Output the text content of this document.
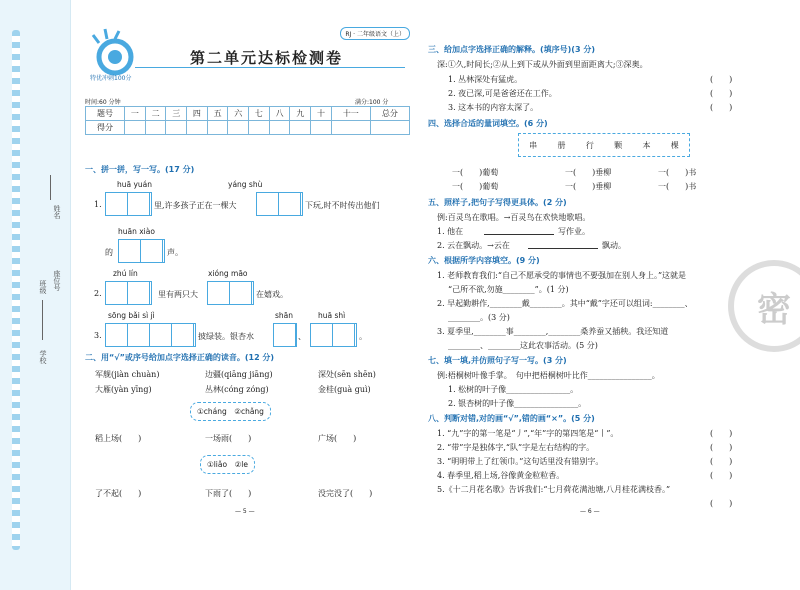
姓名
班级 座位号
学校
RJ · 二年级语文（上）
第二单元达标检测卷
特优冲刺100分
时间:60 分钟	满分:100 分
题号	一	二	三	四	五	六	七	八	九	十	十一	总分
得分												
一、拼一拼，写一写。(17 分)
huā yuán	yáng shù
1.	里,许多孩子正在一棵大	下玩,时不时传出他们
huān xiào
的	声。
zhú lín	xióng māo
2.	里有两只大	在嬉戏。
sōng bǎi sì jì	shān	huā shì
3.	披绿装。银杏水	、	。
二、用“√”或序号给加点字选择正确的读音。(12 分)
军舰(jiàn chuàn)	边疆(qiāng jiāng)	深处(sēn shēn)
大雁(yàn yīng)	丛林(cóng zóng)	金桂(guà guì)
①cháng　 ②chǎng
稻上场(　　)	一场雨(　　)	广场(　　)
①liǎo　 ②le
了不起(　　)	下雨了(　　)	没完没了(　　)
— 5 —
三、给加点字选择正确的解释。(填序号)(3 分)
深:①久,时间长;②从上到下或从外面到里面距离大;③深奥。
1. 丛林深处有猛虎。	(　　)
2. 夜已深,可是爸爸还在工作。	(　　)
3. 这本书的内容太深了。	(　　)
四、选择合适的量词填空。(6 分)
串	册	行	颗	本	棵
一(　　)葡萄	一(　　)垂柳	一(　　)书
一(　　)葡萄	一(　　)垂柳	一(　　)书
五、照样子,把句子写得更具体。(2 分)
例:百灵鸟在歌唱。→百灵鸟在欢快地歌唱。
1. 他在	写作业。
2. 云在飘动。→云在	飘动。
六、根据所学内容填空。(9 分)
1. 老师教育我们:“自己不愿承受的事情也不要强加在别人身上。”这就是
“己所不欲,勿施________”。(1 分)
2. 早起勤耕作,________戴________。其中“戴”字还可以组词:________、
________。(3 分)
3. 夏季里,________事________,________桑养蚕又插秧。我还知道
________、________这此农事活动。(5 分)
七、填一填,并仿照句子写一写。(3 分)
例:梧桐树叶像手掌。　句中把梧桐树叶比作________________。
1. 松树的叶子像________________。
2. 银杏树的叶子像________________。
八、判断对错,对的画“√”,错的画“×”。(5 分)
1. “九”字的第一笔是“丿”,“年”字的第四笔是“丨”。	(　　)
2. “带”字是独体字,“队”字是左右结构的字。	(　　)
3. “明明带上了红领巾。”这句话里没有错别字。	(　　)
4. 春季里,稻上场,谷像黄金粒粒香。	(　　)
5.《十二月花名歌》告诉我们:“七月荷花满池塘,八月桂花满枝香。”
(　　)
— 6 —
密
